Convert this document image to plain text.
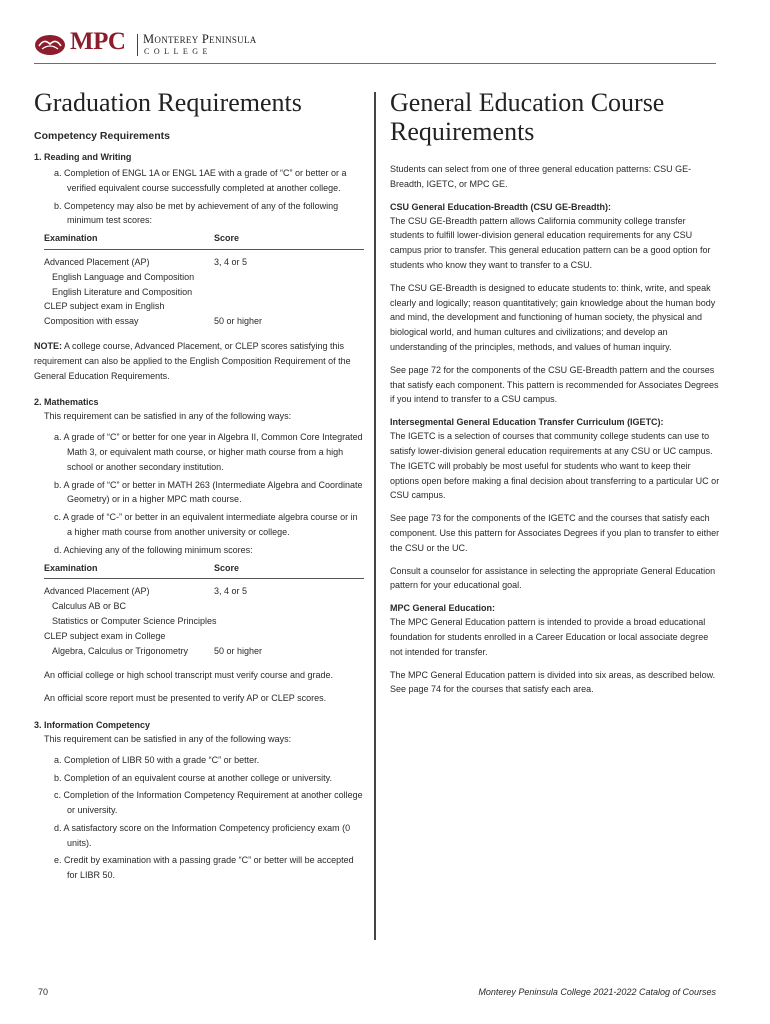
MPC Monterey Peninsula
COLLEGE
Graduation Requirements
Competency Requirements
1. Reading and Writing

a. Completion of ENGL 1A or ENGL 1AE with a grade of “C” or better or a verified equivalent course successfully completed at another college.

b. Competency may also be met by achievement of any of the following minimum test scores:

Examination	Score
Advanced Placement (AP)	3, 4 or 5
English Language and Composition
English Literature and Composition
CLEP subject exam in English
Composition with essay	50 or higher

NOTE: A college course, Advanced Placement, or CLEP scores satisfying this requirement can also be applied to the English Composition Requirement of the General Education Requirements.

2. Mathematics

This requirement can be satisfied in any of the following ways:

a. A grade of “C” or better for one year in Algebra II, Common Core Integrated Math 3, or equivalent math course, or higher math course from a high school or another secondary institution.

b. A grade of “C” or better in MATH 263 (Intermediate Algebra and Coordinate Geometry) or in a higher MPC math course.

c. A grade of “C-” or better in an equivalent intermediate algebra course or in a higher math course from another university or college.

d. Achieving any of the following minimum scores:

Examination	Score
Advanced Placement (AP)	3, 4 or 5
Calculus AB or BC
Statistics or Computer Science Principles
CLEP subject exam in College
Algebra, Calculus or Trigonometry	50 or higher

An official college or high school transcript must verify course and grade.

An official score report must be presented to verify AP or CLEP scores.

3. Information Competency

This requirement can be satisfied in any of the following ways:

a. Completion of LIBR 50 with a grade “C” or better.

b. Completion of an equivalent course at another college or university.

c. Completion of the Information Competency Requirement at another college or university.

d. A satisfactory score on the Information Competency proficiency exam (0 units).

e. Credit by examination with a passing grade “C” or better will be accepted for LIBR 50.

General Education Course Requirements

Students can select from one of three general education patterns: CSU GE-Breadth, IGETC, or MPC GE.

CSU General Education-Breadth (CSU GE-Breadth):

The CSU GE-Breadth pattern allows California community college transfer students to fulfill lower-division general education requirements for any CSU campus prior to transfer. This general education pattern can be a good option for students who know they want to transfer to a CSU.

The CSU GE-Breadth is designed to educate students to: think, write, and speak clearly and logically; reason quantitatively; gain knowledge about the human body and mind, the development and functioning of human society, the physical and biological world, and human cultures and civilizations; and develop an understanding of the principles, methods, and values of human inquiry.

See page 72 for the components of the CSU GE-Breadth pattern and the courses that satisfy each component. This pattern is recommended for Associates Degrees if you intend to transfer to a CSU campus.

Intersegmental General Education Transfer Curriculum (IGETC):

The IGETC is a selection of courses that community college students can use to satisfy lower-division general education requirements at any CSU or UC campus. The IGETC will probably be most useful for students who want to keep their options open before making a final decision about transferring to a particular UC or CSU campus.

See page 73 for the components of the IGETC and the courses that satisfy each component. Use this pattern for Associates Degrees if you plan to transfer to either the CSU or the UC.

Consult a counselor for assistance in selecting the appropriate General Education pattern for your educational goal.

MPC General Education:

The MPC General Education pattern is intended to provide a broad educational foundation for students enrolled in a Career Education or local associate degree not intended for transfer.

The MPC General Education pattern is divided into six areas, as described below. See page 74 for the courses that satisfy each area.

70	Monterey Peninsula College 2021-2022 Catalog of Courses
